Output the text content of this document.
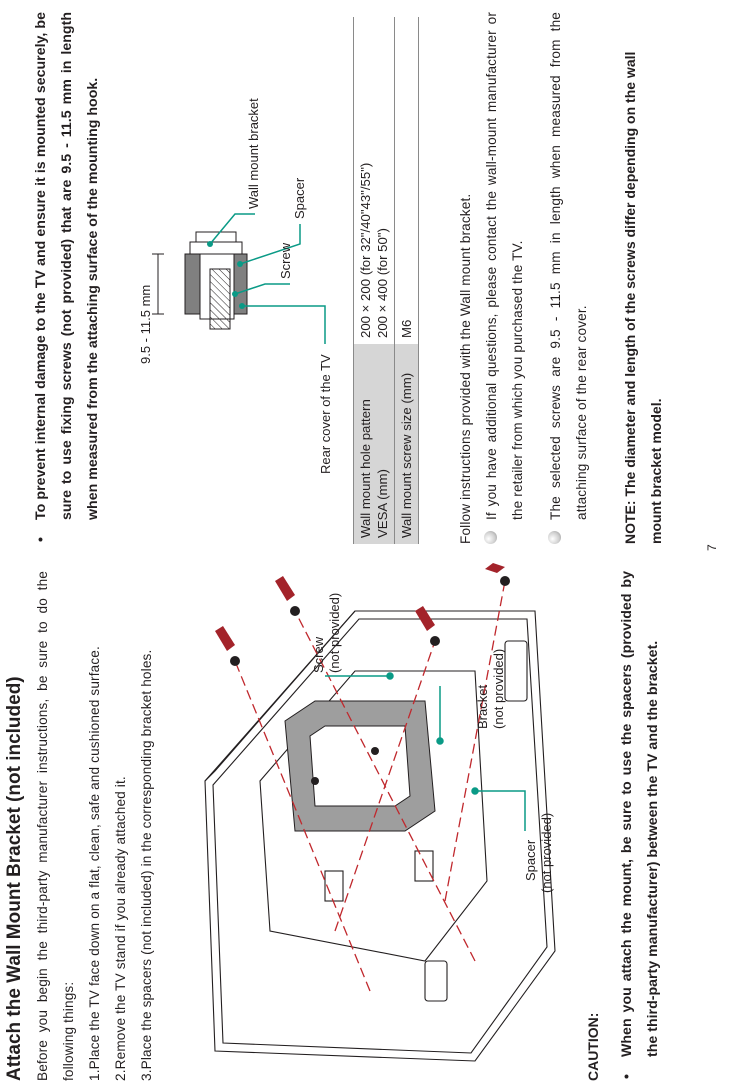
Attach the Wall Mount Bracket (not included) Before you begin the third-party manufacturer instructions, be sure to do the following things: 1.Place the TV face down on a flat, clean, safe and cushioned surface.
2.Remove the TV stand if you already attached it.
3.Place the spacers (not included) in the corresponding bracket holes.	Screw (not provided)
Bracket (not provided)
Spacer (not provided)
CAUTION:	•
When you attach the mount, be sure to use the spacers (provided by the third-party manufacturer) between the TV and the bracket.
•
To prevent internal damage to the TV and ensure it is mounted securely, be sure to use fixing screws (not provided) that are 9.5 - 11.5 mm in length when measured from the attaching surface of the mounting hook.	9.5 - 11.5 mm
Wall mount bracket
Screw
Spacer
Rear cover of the TV Wall mount hole pattern VESA (mm)	200 × 200 (for 32"/40"43"/55") 200 × 400 (for 50")
Wall mount screw size (mm)	M6	Follow instructions provided with the Wall mount bracket. If you have additional questions, please contact the wall-mount manufacturer or the retailer from which you purchased the TV.	The selected screws are 9.5 - 11.5 mm in length when measured from the attaching surface of the rear cover.	NOTE: The diameter and length of the screws differ depending on the wall mount bracket model.
7
